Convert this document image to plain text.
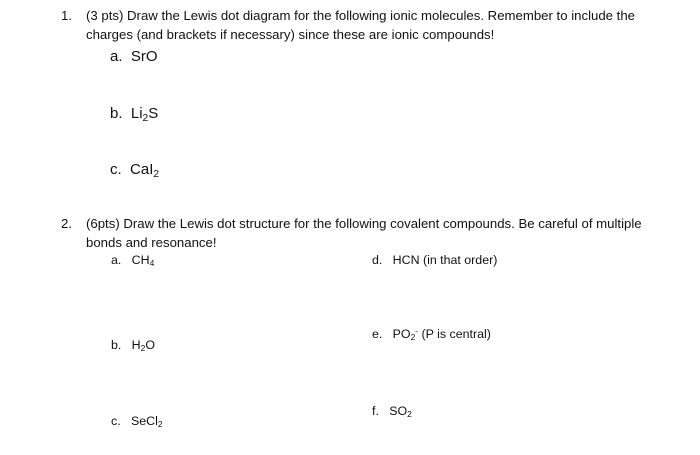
1. (3 pts) Draw the Lewis dot diagram for the following ionic molecules. Remember to include the
charges (and brackets if necessary) since these are ionic compounds!
a. SrO
b. Li2S
c. CaI2
2. (6pts) Draw the Lewis dot structure for the following covalent compounds. Be careful of multiple
bonds and resonance!
a. CH4
b. H2O
c. SeCl2
d. HCN (in that order)
e. PO2- (P is central)
f. SO2
